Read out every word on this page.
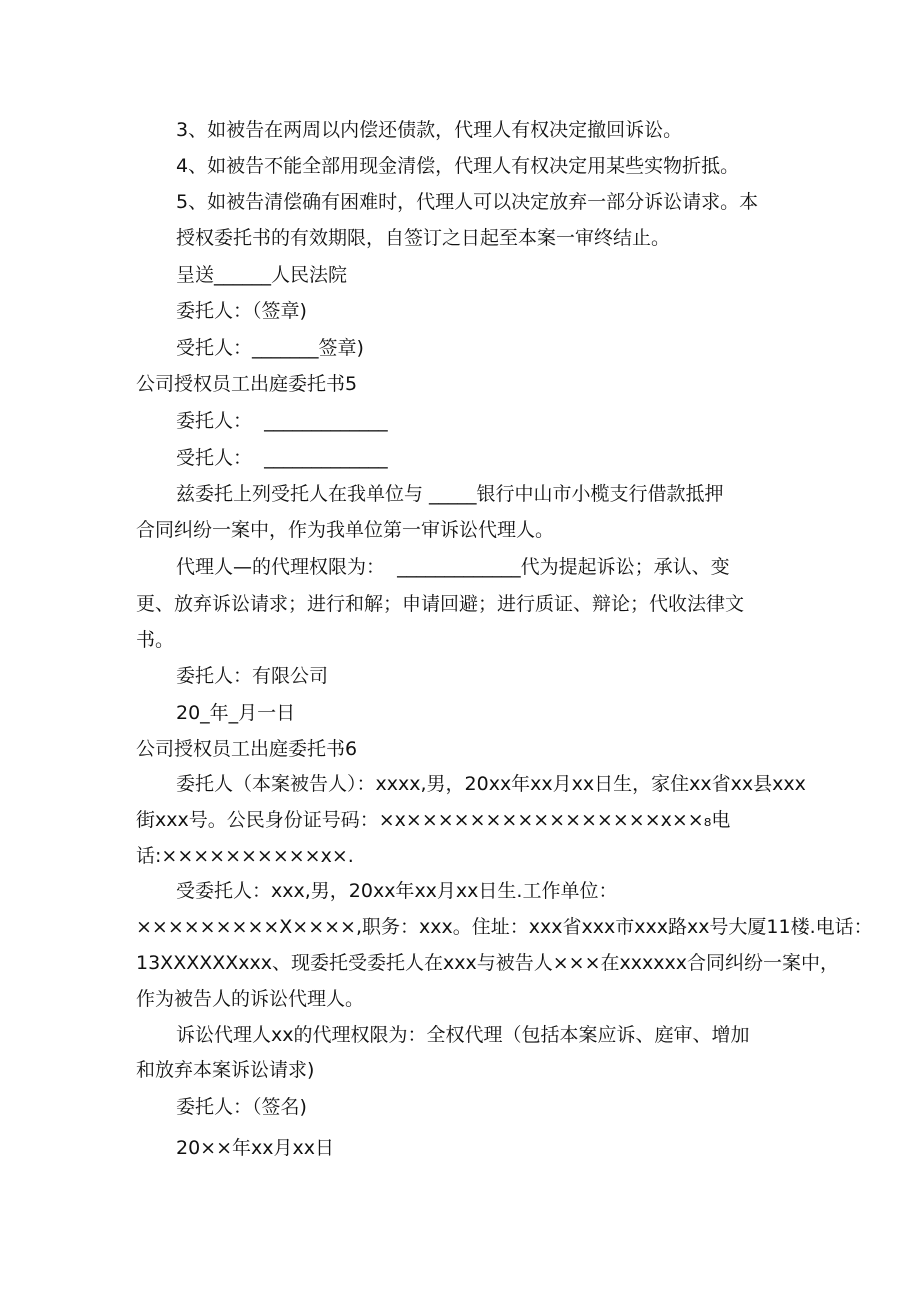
3、如被告在两周以内偿还债款，代理人有权决定撤回诉讼。
4、如被告不能全部用现金清偿，代理人有权决定用某些实物折抵。
5、如被告清偿确有困难时，代理人可以决定放弃一部分诉讼请求。本
授权委托书的有效期限，自签订之日起至本案一审终结止。
呈送______人民法院
委托人：（签章)
受托人：_______签章)
公司授权员工出庭委托书5
委托人：  _____________
受托人：  _____________
兹委托上列受托人在我单位与 _____银行中山市小榄支行借款抵押
合同纠纷一案中，作为我单位第一审诉讼代理人。
代理人—的代理权限为：  _____________代为提起诉讼；承认、变
更、放弃诉讼请求；进行和解；申请回避；进行质证、辩论；代收法律文
书。
委托人：有限公司
20_年_月一日
公司授权员工出庭委托书6
委托人（本案被告人）：xxxx,男，20xx年xx月xx日生，家住xx省xx县xxx
街xxx号。公民身份证号码：×x××××××××××××××××x××₈电
话:××××××××××x×.
受委托人：xxx,男，20xx年xx月xx日生.工作单位：
×××××××××X××××,职务：xxx。住址：xxx省xxx市xxx路xx号大厦11楼.电话：
13XXXXXXxxx、现委托受委托人在xxx与被告人×××在xxxxxx合同纠纷一案中，
作为被告人的诉讼代理人。
诉讼代理人xx的代理权限为：全权代理（包括本案应诉、庭审、增加
和放弃本案诉讼请求)
委托人：（签名)
20××年xx月xx日
